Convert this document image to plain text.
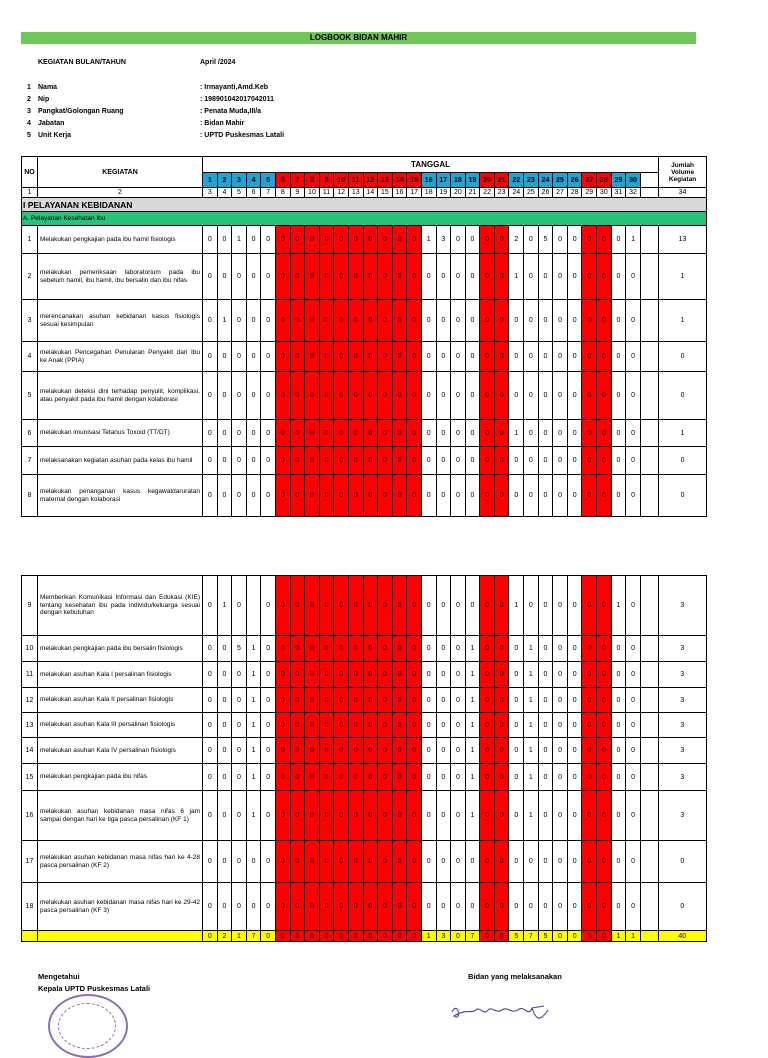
LOGBOOK BIDAN MAHIR
KEGIATAN BULAN/TAHUN	April /2024
1 Nama	: Irmayanti,Amd.Keb
2 Nip	: 198901042017042011
3 Pangkat/Golongan Ruang	: Penata Muda,III/a
4 Jabatan	: Bidan Mahir
5 Unit Kerja	: UPTD Puskesmas Latali
NO	KEGIATAN	TANGGAL																															Jumlah Volume Kegiatan
		1	2	3	4	5	6	7	8	9	10	11	12	13	14	15	16	17	18	19	20	21	22	23	24	25	26	27	28	29	30		
1	2	3	4	5	6	7	8	9	10	11	12	13	14	15	16	17	18	19	20	21	22	23	24	25	26	27	28	29	30	31	32		34
I PELAYANAN KEBIDANAN																																	
A. Pelayanan Kesehatan Ibu																																	
1	Melakukan pengkajian pada ibu hamil fisiologis	0	0	1	0	0	0	0	0	0	0	0	0	0	0	0	1	3	0	0	0	0	2	0	5	0	0	0	0	0	1		13
2	melakukan pemeriksaan laboratorium pada ibu sebelum hamil, ibu hamil, ibu bersalin dan ibu nifas	0	0	0	0	0	0	0	0	0	0	0	0	0	0	0	0	0	0	0	0	0	1	0	0	0	0	0	0	0	0		1
3	merencanakan asuhan kebidanan kasus fisiologis sesuai kesimpulan	0	1	0	0	0	0	0	0	0	0	0	0	0	0	0	0	0	0	0	0	0	0	0	0	0	0	0	0	0	0		1
4	melakukan Pencegahan Penularan Penyakit dari Ibu ke Anak (PPIA)	0	0	0	0	0	0	0	0	0	0	0	0	0	0	0	0	0	0	0	0	0	0	0	0	0	0	0	0	0	0		0
5	melakukan deteksi dini terhadap penyulit, komplikasi, atau penyakit pada ibu hamil dengan kolaborasi	0	0	0	0	0	0	0	0	0	0	0	0	0	0	0	0	0	0	0	0	0	0	0	0	0	0	0	0	0	0		0
6	melakukan imunisasi Tetanus Toxoid (TT/DT)	0	0	0	0	0	0	0	0	0	0	0	0	0	0	0	0	0	0	0	0	0	1	0	0	0	0	0	0	0	0		1
7	melaksanakan kegiatan asuhan pada kelas ibu hamil	0	0	0	0	0	0	0	0	0	0	0	0	0	0	0	0	0	0	0	0	0	0	0	0	0	0	0	0	0	0		0
8	melakukan penanganan kasus kegawatdaruratan maternal dengan kolaborasi	0	0	0	0	0	0	0	0	0	0	0	0	0	0	0	0	0	0	0	0	0	0	0	0	0	0	0	0	0	0		0
9	Memberikan Komunikasi Informasi dan Edukasi (KIE) tentang kesehatan ibu pada individu/keluarga sesuai dengan kebutuhan	0	1	0		0	0	0	0	0	0	0	0	0	0	0	0	0	0	0	0	0	1	0	0	0	0	0	0	1	0		3
10	melakukan pengkajian pada ibu bersalin fisiologis	0	0	5	1	0	0	0	0	0	0	0	0	0	0	0	0	0	0	1	0	0	0	1	0	0	0	0	0	0	0		3
11	melakukan asuhan Kala I persalinan fisiologis	0	0	0	1	0	0	0	0	0	0	0	0	0	0	0	0	0	0	1	0	0	0	1	0	0	0	0	0	0	0		3
12	melakukan asuhan Kala II persalinan fisiologis	0	0	0	1	0	0	0	0	0	0	0	0	0	0	0	0	0	0	1	0	0	0	1	0	0	0	0	0	0	0		3
13	melakukan asuhan Kala III persalinan fisiologis	0	0	0	1	0	0	0	0	0	0	0	0	0	0	0	0	0	0	1	0	0	0	1	0	0	0	0	0	0	0		3
14	melakukan asuhan Kala IV persalinan fisiologis	0	0	0	1	0	0	0	0	0	0	0	0	0	0	0	0	0	0	1	0	0	0	1	0	0	0	0	0	0	0		3
15	melakukan pengkajian pada ibu nifas	0	0	0	1	0	0	0	0	0	0	0	0	0	0	0	0	0	0	1	0	0	0	1	0	0	0	0	0	0	0		3
16	melakukan asuhan kebidanan masa nifas 6 jam sampai dengan hari ke tiga pasca persalinan (KF 1)	0	0	0	1	0	0	0	0	0	0	0	0	0	0	0	0	0	0	1	0	0	0	1	0	0	0	0	0	0	0		3
17	melakukan asuhan kebidanan masa nifas hari ke 4-28 pasca persalinan (KF 2)	0	0	0	0	0	0	0	0	0	0	0	0	0	0	0	0	0	0	0	0	0	0	0	0	0	0	0	0	0	0		0
18	melakukan asuhan kebidanan masa nifas hari ke 29-42 pasca persalinan (KF 3)	0	0	0	0	0	0	0	0	0	0	0	0	0	0	0	0	0	0	0	0	0	0	0	0	0	0	0	0	0	0		0
		0	2	1	7	0	0	0	0	0	0	0	0	0	0	0	1	3	0	7	0	0	5	7	5	0	0	0	0	1	1		40
Mengetahui
Kepala UPTD Puskesmas Latali
Bidan yang melaksanakan
